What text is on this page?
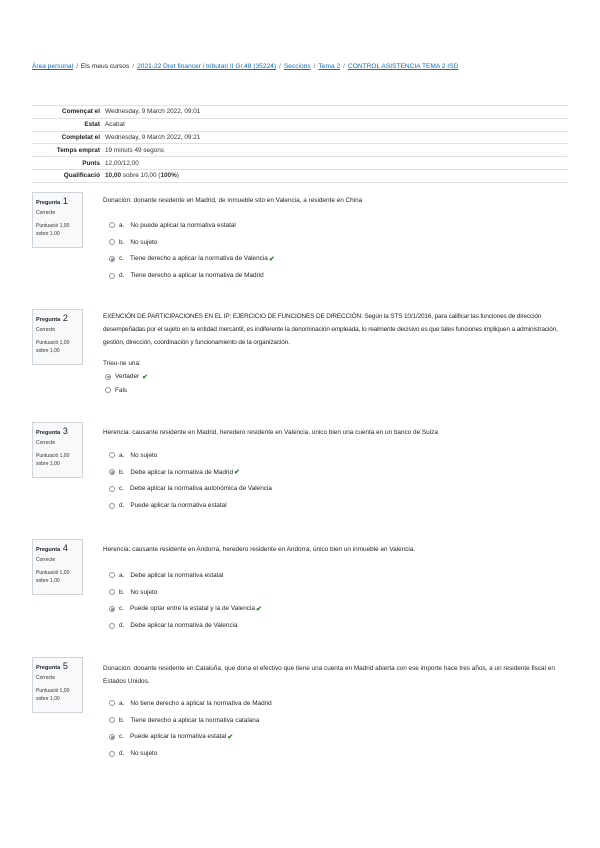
Àrea personal / Els meus cursos / 2021-22 Dret financer i tributari II Gr.48 (35224) / Seccions / Tema 2 / CONTROL ASISTENCIA TEMA 2 ISD
Començat el	Wednesday, 9 March 2022, 09:01
Estat	Acabat
Completat el	Wednesday, 9 March 2022, 09:21
Temps emprat	19 minuts 49 segons
Punts	12,00/12,00
Qualificació	10,00 sobre 10,00 (100%)
Pregunta 1
Correcte
Puntuació 1,00
sobre 1,00
Donación: donante residente en Madrid, de inmueble sito en Valencia, a residente en China
a. No puede aplicar la normativa estatal
b. No sujeto
c. Tiene derecho a aplicar la normativa de Valencia ✔
d. Tiene derecho a aplicar la normativa de Madrid
Pregunta 2
Correcte
Puntuació 1,00
sobre 1,00
EXENCIÓN DE PARTICIPACIONES EN EL IP; EJERCICIO DE FUNCIONES DE DIRECCIÓN: Según la STS 10/1/2016, para calificar las funciones de dirección desempeñadas por el sujeto en la entidad mercantil, es indiferente la denominación empleada, lo realmente decisivo es que tales funciones impliquen a administración, gestión, dirección, coordinación y funcionamiento de la organización.
Trieu-ne una:
Vertader ✔
Fals
Pregunta 3
Correcte
Puntuació 1,00
sobre 1,00
Herencia: causante residente en Madrid, heredero residente en Valencia, único bien una cuenta en un banco de Suiza
a. No sujeto
b. Debe aplicar la normativa de Madrid ✔
c. Debe aplicar la normativa autonómica de Valencia
d. Puede aplicar la normativa estatal
Pregunta 4
Correcte
Puntuació 1,00
sobre 1,00
Herencia: causante residente en Andorra, heredero residente en Andorra, único bien un inmueble en Valencia.
a. Debe aplicar la normativa estatal
b. No sujeto
c. Puede optar entre la estatal y la de Valencia ✔
d. Debe aplicar la normativa de Valencia
Pregunta 5
Correcte
Puntuació 1,00
sobre 1,00
Donación: donante residente en Cataluña, que dona el efectivo que tiene una cuenta en Madrid abierta con ese importe hace tres años, a un residente fiscal en Estados Unidos.
a. No tiene derecho a aplicar la normativa de Madrid
b. Tiene derecho a aplicar la normativa catalana
c. Puede aplicar la normativa estatal ✔
d. No sujeto
